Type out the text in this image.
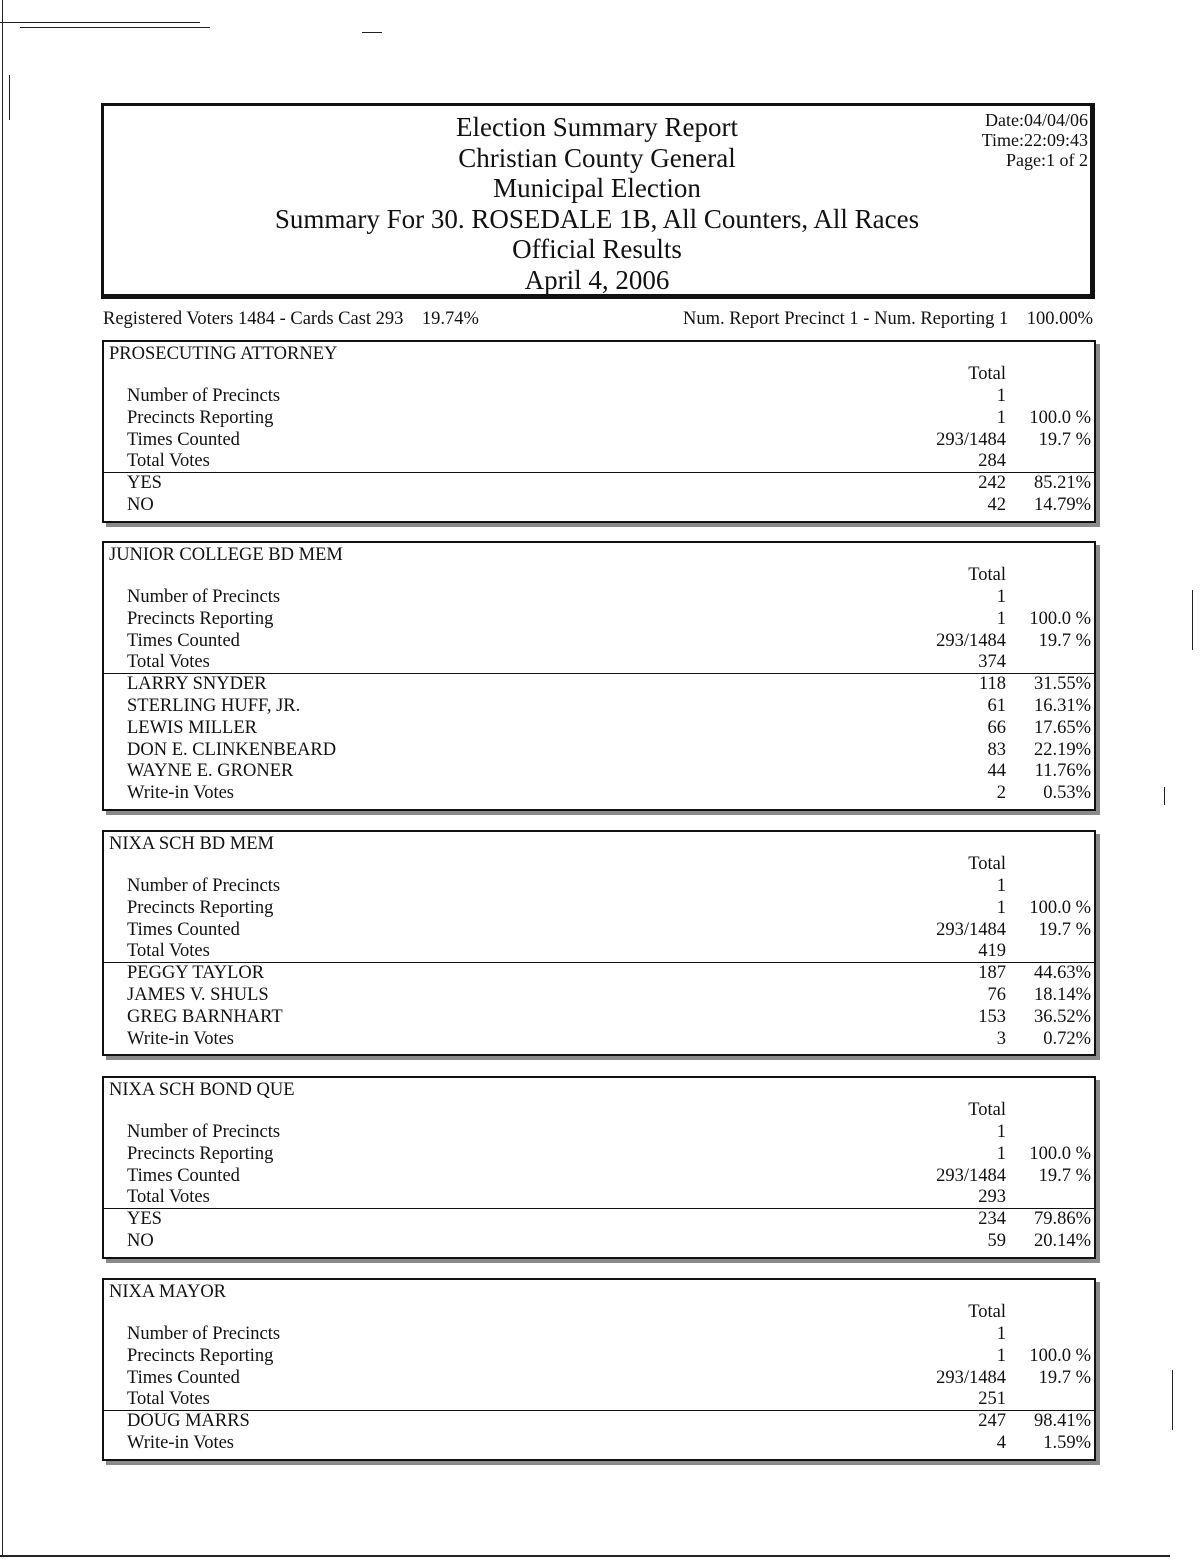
Election Summary Report
Christian County General
Municipal Election
Summary For 30. ROSEDALE 1B, All Counters, All Races
Official Results
April 4, 2006
Date:04/04/06
Time:22:09:43
Page:1 of 2
Registered Voters 1484 - Cards Cast 293    19.74%	Num. Report Precinct 1 - Num. Reporting 1    100.00%
PROSECUTING ATTORNEY
Total
Number of Precincts	1
Precincts Reporting	1 100.0 %
Times Counted	293/1484 19.7 %
Total Votes	284
YES	242 85.21%
NO	42 14.79%
JUNIOR COLLEGE BD MEM
Total
Number of Precincts	1
Precincts Reporting	1 100.0 %
Times Counted	293/1484 19.7 %
Total Votes	374
LARRY SNYDER	118 31.55%
STERLING HUFF, JR.	61 16.31%
LEWIS MILLER	66 17.65%
DON E. CLINKENBEARD	83 22.19%
WAYNE E. GRONER	44 11.76%
Write-in Votes	2 0.53%
NIXA SCH BD MEM
Total
Number of Precincts	1
Precincts Reporting	1 100.0 %
Times Counted	293/1484 19.7 %
Total Votes	419
PEGGY TAYLOR	187 44.63%
JAMES V. SHULS	76 18.14%
GREG BARNHART	153 36.52%
Write-in Votes	3 0.72%
NIXA SCH BOND QUE
Total
Number of Precincts	1
Precincts Reporting	1 100.0 %
Times Counted	293/1484 19.7 %
Total Votes	293
YES	234 79.86%
NO	59 20.14%
NIXA MAYOR
Total
Number of Precincts	1
Precincts Reporting	1 100.0 %
Times Counted	293/1484 19.7 %
Total Votes	251
DOUG MARRS	247 98.41%
Write-in Votes	4 1.59%
